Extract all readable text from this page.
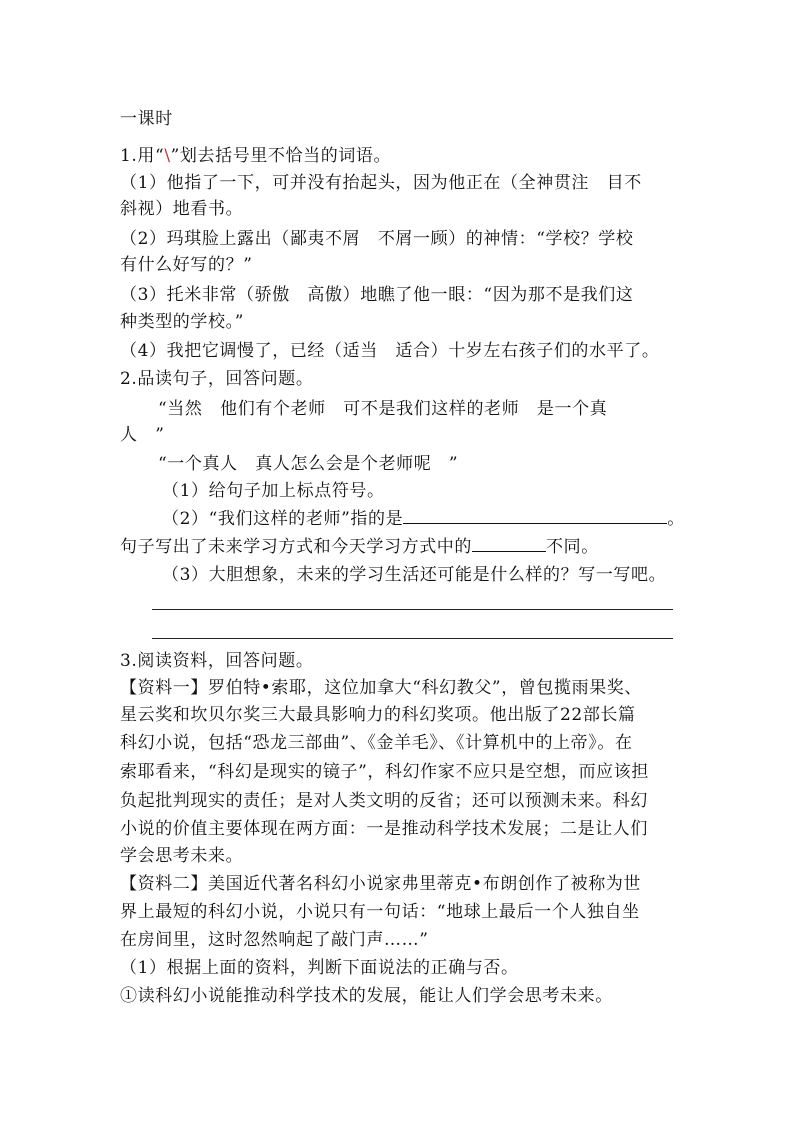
一课时
1.用“\”划去括号里不恰当的词语。
（1）他指了一下，可并没有抬起头，因为他正在（全神贯注　目不
斜视）地看书。
（2）玛琪脸上露出（鄙夷不屑　不屑一顾）的神情：“学校？学校
有什么好写的？”
（3）托米非常（骄傲　高傲）地瞧了他一眼：“因为那不是我们这
种类型的学校。”
（4）我把它调慢了，已经（适当　适合）十岁左右孩子们的水平了。
2.品读句子，回答问题。
“当然　他们有个老师　可不是我们这样的老师　是一个真
人　”
“一个真人　真人怎么会是个老师呢　”
（1）给句子加上标点符号。
（2）“我们这样的老师”指的是	。
句子写出了未来学习方式和今天学习方式中的	不同。
（3）大胆想象，未来的学习生活还可能是什么样的？写一写吧。
3.阅读资料，回答问题。
【资料一】罗伯特•索耶，这位加拿大“科幻教父”，曾包揽雨果奖、
星云奖和坎贝尔奖三大最具影响力的科幻奖项。他出版了22部长篇
科幻小说，包括“恐龙三部曲”、《金羊毛》、《计算机中的上帝》。在
索耶看来，“科幻是现实的镜子”，科幻作家不应只是空想，而应该担
负起批判现实的责任；是对人类文明的反省；还可以预测未来。科幻
小说的价值主要体现在两方面：一是推动科学技术发展；二是让人们
学会思考未来。
【资料二】美国近代著名科幻小说家弗里蒂克•布朗创作了被称为世
界上最短的科幻小说，小说只有一句话：“地球上最后一个人独自坐
在房间里，这时忽然响起了敲门声……”
（1）根据上面的资料，判断下面说法的正确与否。
①读科幻小说能推动科学技术的发展，能让人们学会思考未来。
